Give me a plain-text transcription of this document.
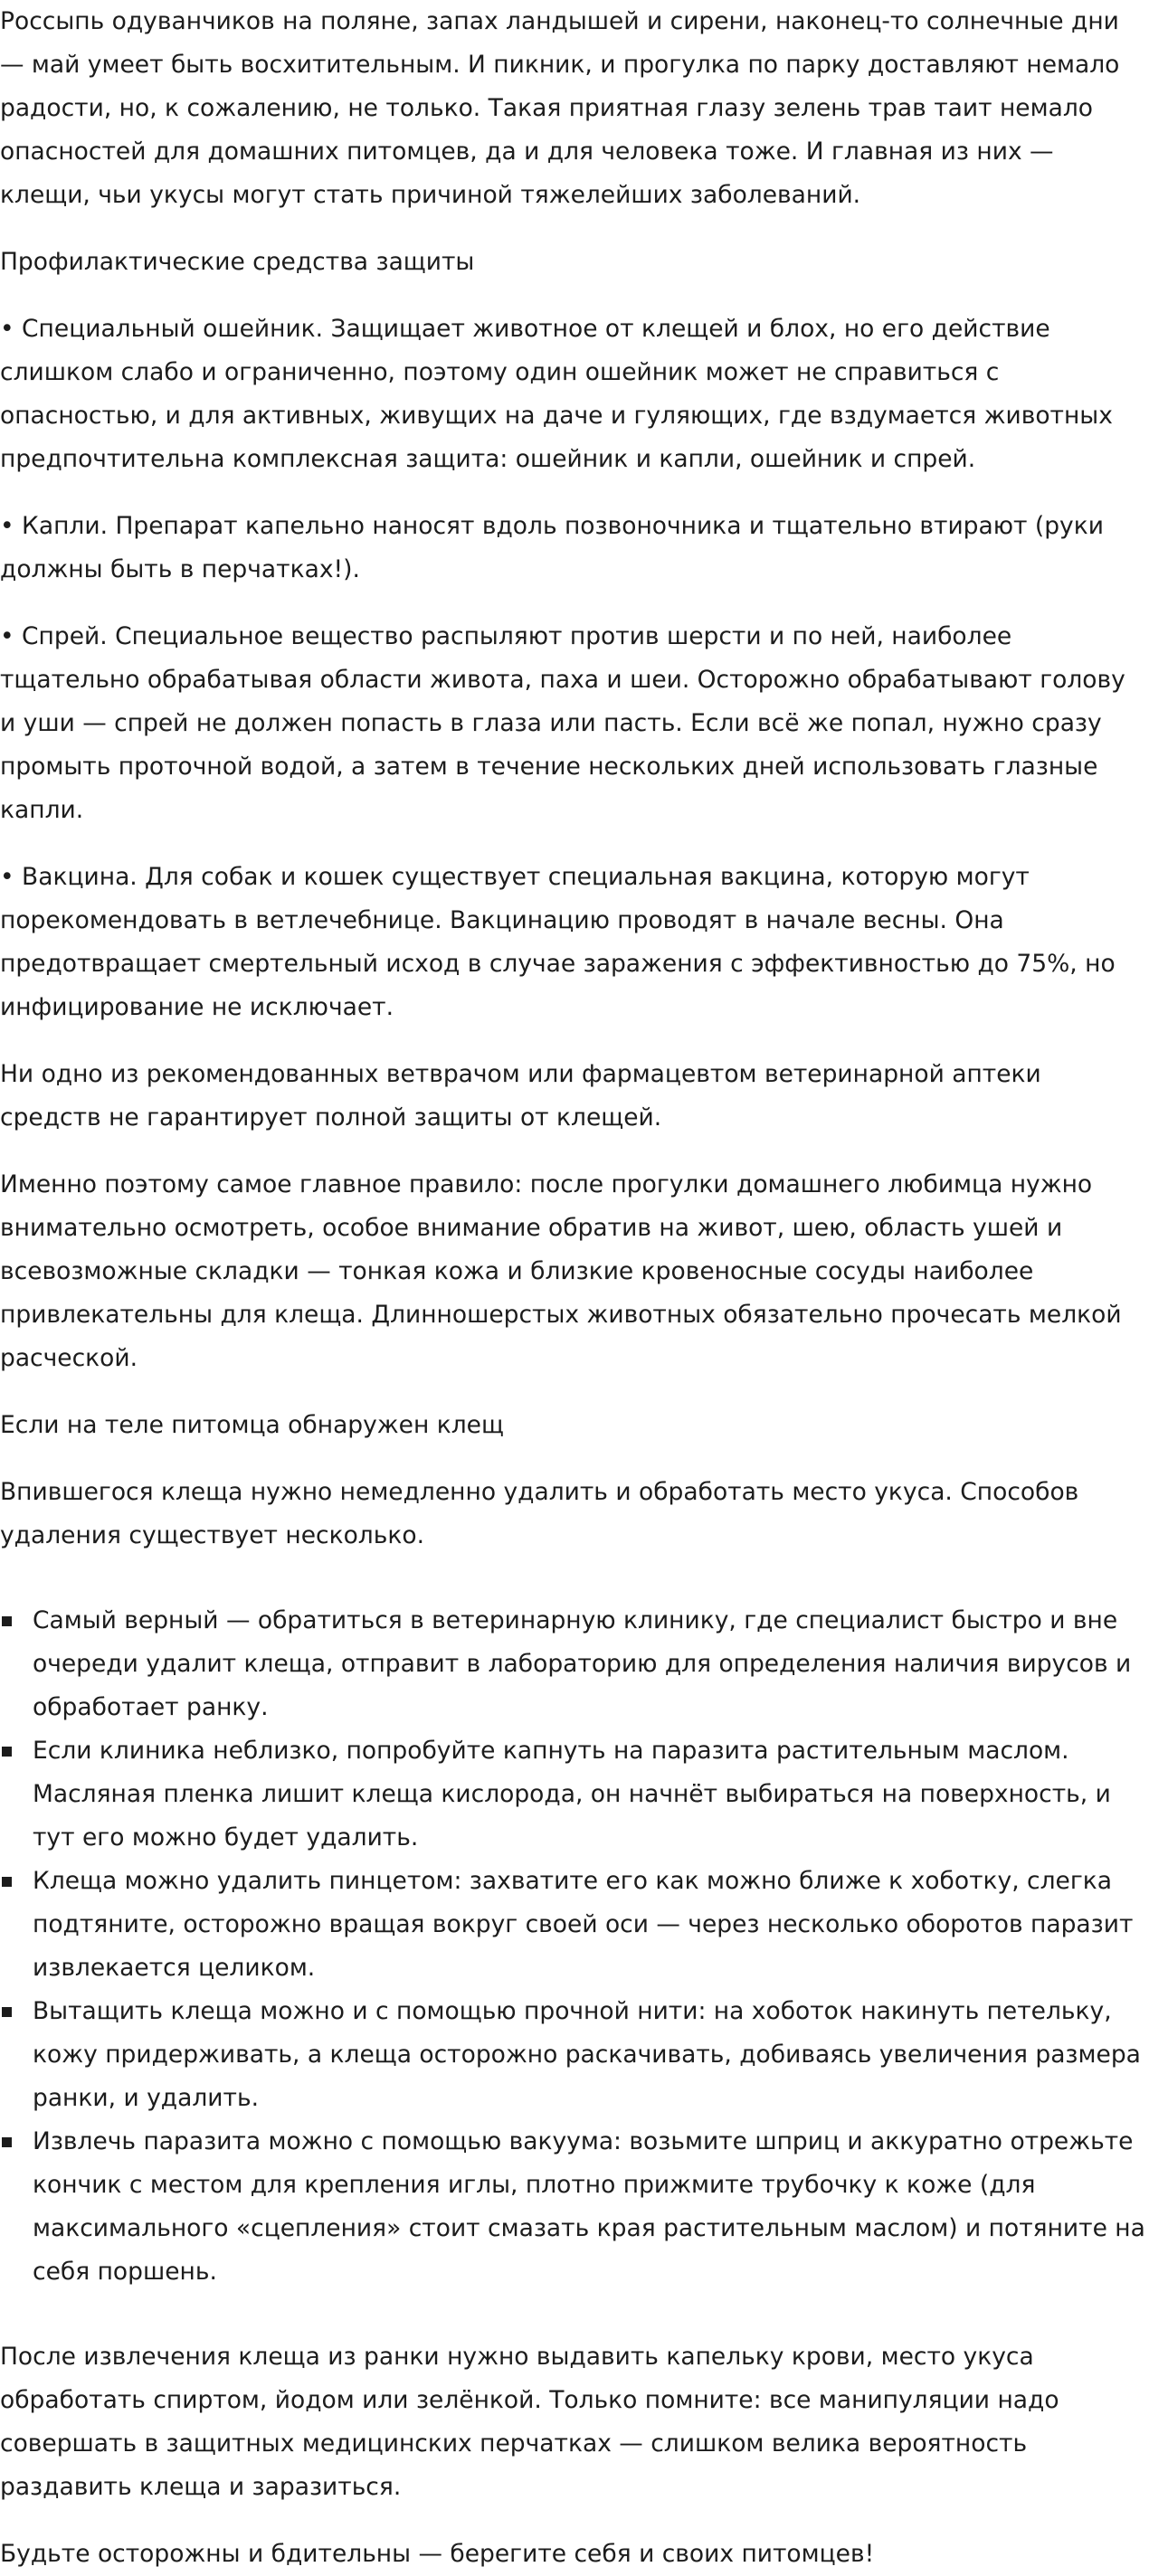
Россыпь одуванчиков на поляне, запах ландышей и сирени, наконец-то солнечные дни — май умеет быть восхитительным. И пикник, и прогулка по парку доставляют немало радости, но, к сожалению, не только. Такая приятная глазу зелень трав таит немало опасностей для домашних питомцев, да и для человека тоже. И главная из них — клещи, чьи укусы могут стать причиной тяжелейших заболеваний.

Профилактические средства защиты

• Специальный ошейник. Защищает животное от клещей и блох, но его действие слишком слабо и ограниченно, поэтому один ошейник может не справиться с опасностью, и для активных, живущих на даче и гуляющих, где вздумается животных предпочтительна комплексная защита: ошейник и капли, ошейник и спрей.

• Капли. Препарат капельно наносят вдоль позвоночника и тщательно втирают (руки должны быть в перчатках!).

• Спрей. Специальное вещество распыляют против шерсти и по ней, наиболее тщательно обрабатывая области живота, паха и шеи. Осторожно обрабатывают голову и уши — спрей не должен попасть в глаза или пасть. Если всё же попал, нужно сразу промыть проточной водой, а затем в течение нескольких дней использовать глазные капли.

• Вакцина. Для собак и кошек существует специальная вакцина, которую могут порекомендовать в ветлечебнице. Вакцинацию проводят в начале весны. Она предотвращает смертельный исход в случае заражения с эффективностью до 75%, но инфицирование не исключает.

Ни одно из рекомендованных ветврачом или фармацевтом ветеринарной аптеки средств не гарантирует полной защиты от клещей.

Именно поэтому самое главное правило: после прогулки домашнего любимца нужно внимательно осмотреть, особое внимание обратив на живот, шею, область ушей и всевозможные складки — тонкая кожа и близкие кровеносные сосуды наиболее привлекательны для клеща. Длинношерстых животных обязательно прочесать мелкой расческой.

Если на теле питомца обнаружен клещ

Впившегося клеща нужно немедленно удалить и обработать место укуса. Способов удаления существует несколько.

Самый верный — обратиться в ветеринарную клинику, где специалист быстро и вне очереди удалит клеща, отправит в лабораторию для определения наличия вирусов и обработает ранку.
Если клиника неблизко, попробуйте капнуть на паразита растительным маслом. Масляная пленка лишит клеща кислорода, он начнёт выбираться на поверхность, и тут его можно будет удалить.
Клеща можно удалить пинцетом: захватите его как можно ближе к хоботку, слегка подтяните, осторожно вращая вокруг своей оси — через несколько оборотов паразит извлекается целиком.
Вытащить клеща можно и с помощью прочной нити: на хоботок накинуть петельку, кожу придерживать, а клеща осторожно раскачивать, добиваясь увеличения размера ранки, и удалить.
Извлечь паразита можно с помощью вакуума: возьмите шприц и аккуратно отрежьте кончик с местом для крепления иглы, плотно прижмите трубочку к коже (для максимального «сцепления» стоит смазать края растительным маслом) и потяните на себя поршень.

После извлечения клеща из ранки нужно выдавить капельку крови, место укуса обработать спиртом, йодом или зелёнкой. Только помните: все манипуляции надо совершать в защитных медицинских перчатках — слишком велика вероятность раздавить клеща и заразиться.

Будьте осторожны и бдительны — берегите себя и своих питомцев!
